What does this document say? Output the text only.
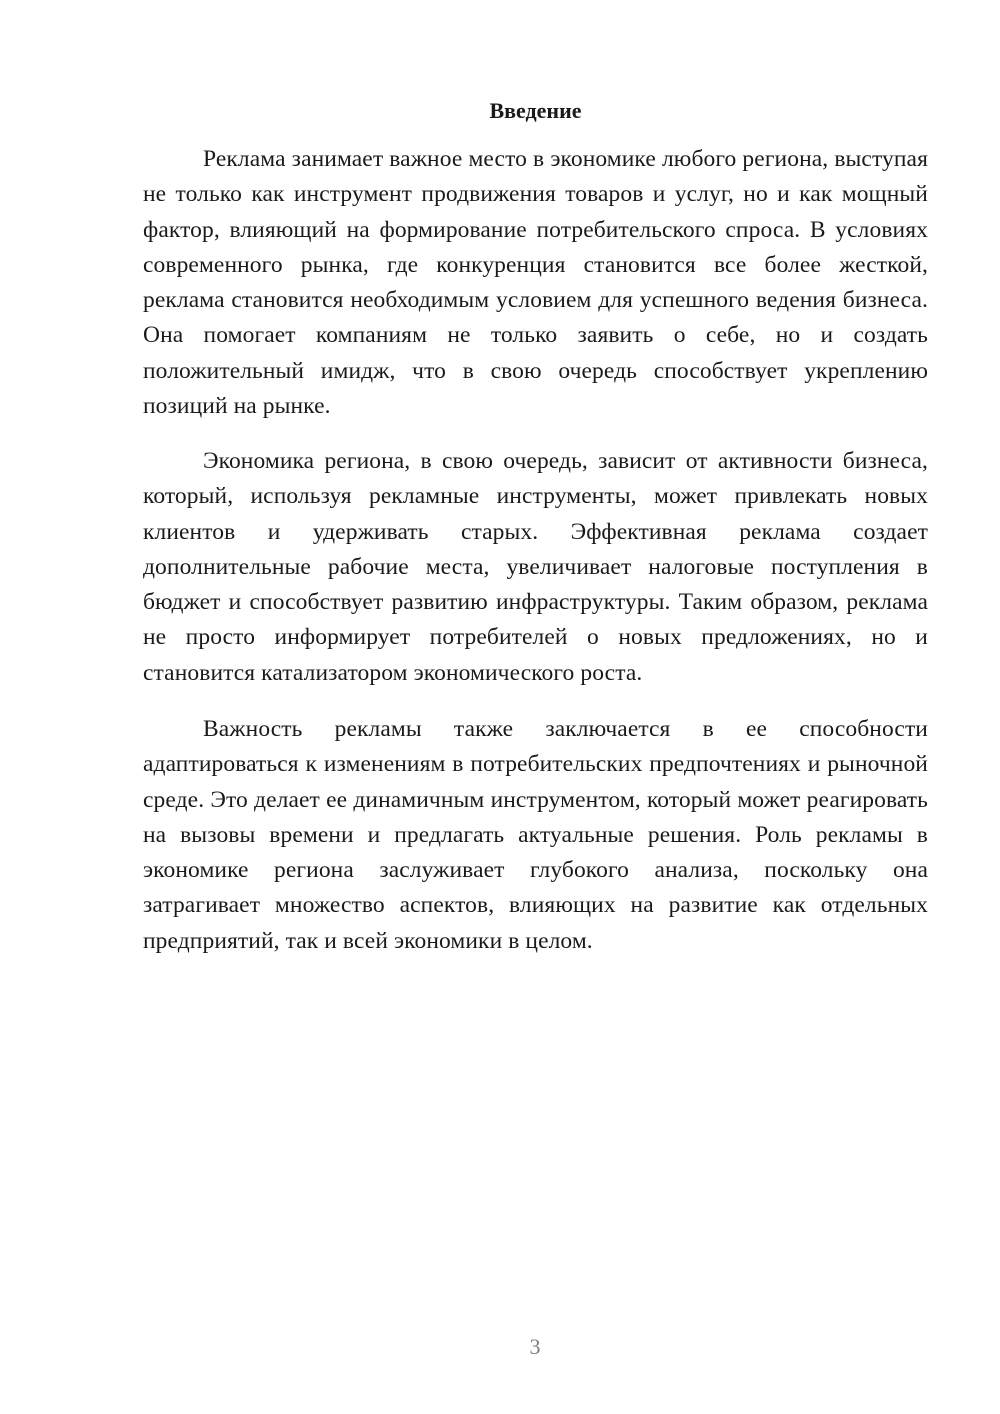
Введение

Реклама занимает важное место в экономике любого региона, выступая не только как инструмент продвижения товаров и услуг, но и как мощный фактор, влияющий на формирование потребительского спроса. В условиях современного рынка, где конкуренция становится все более жесткой, реклама становится необходимым условием для успешного ведения бизнеса. Она помогает компаниям не только заявить о себе, но и создать положительный имидж, что в свою очередь способствует укреплению позиций на рынке.

Экономика региона, в свою очередь, зависит от активности бизнеса, который, используя рекламные инструменты, может привлекать новых клиентов и удерживать старых. Эффективная реклама создает дополнительные рабочие места, увеличивает налоговые поступления в бюджет и способствует развитию инфраструктуры. Таким образом, реклама не просто информирует потребителей о новых предложениях, но и становится катализатором экономического роста.

Важность рекламы также заключается в ее способности адаптироваться к изменениям в потребительских предпочтениях и рыночной среде. Это делает ее динамичным инструментом, который может реагировать на вызовы времени и предлагать актуальные решения. Роль рекламы в экономике региона заслуживает глубокого анализа, поскольку она затрагивает множество аспектов, влияющих на развитие как отдельных предприятий, так и всей экономики в целом.

3
